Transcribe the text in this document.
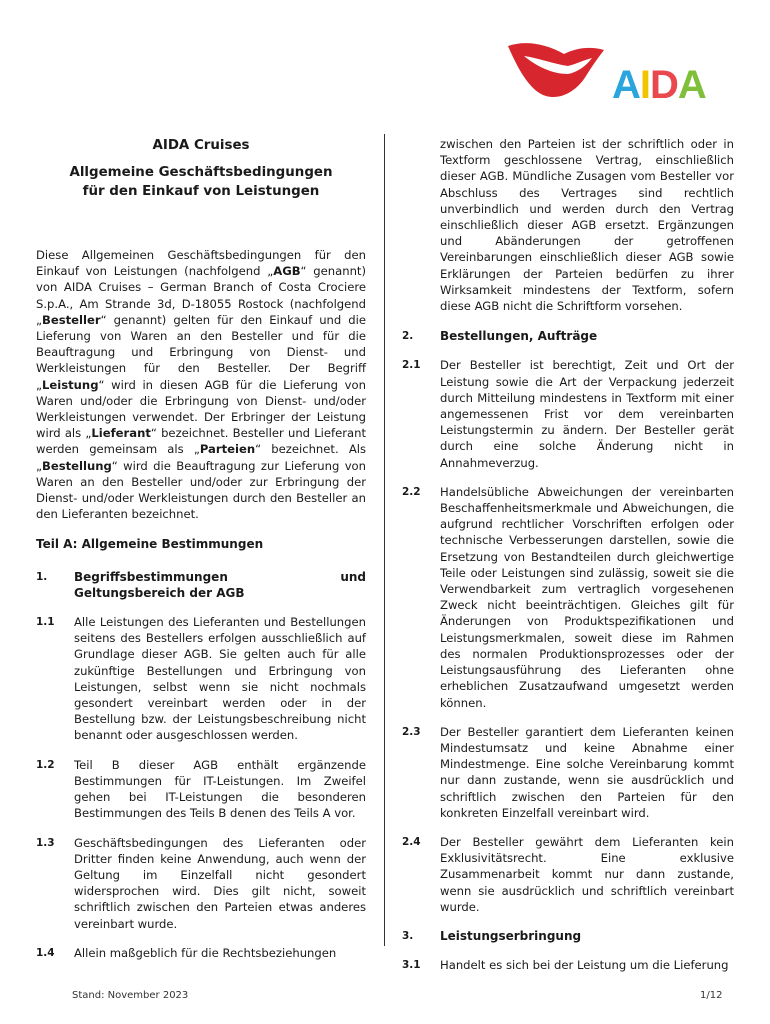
AIDA

AIDA Cruises

Allgemeine Geschäftsbedingungen

für den Einkauf von Leistungen

Diese Allgemeinen Geschäftsbedingungen für den Einkauf von Leistungen (nachfolgend „AGB“ genannt) von AIDA Cruises – German Branch of Costa Crociere S.p.A., Am Strande 3d, D-18055 Rostock (nachfolgend „Besteller“ genannt) gelten für den Einkauf und die Lieferung von Waren an den Besteller und für die Beauftragung und Erbringung von Dienst- und Werkleistungen für den Besteller. Der Begriff „Leistung“ wird in diesen AGB für die Lieferung von Waren und/oder die Erbringung von Dienst- und/oder Werkleistungen verwendet. Der Erbringer der Leistung wird als „Lieferant“ bezeichnet. Besteller und Lieferant werden gemeinsam als „Parteien“ bezeichnet. Als „Bestellung“ wird die Beauftragung zur Lieferung von Waren an den Besteller und/oder zur Erbringung der Dienst- und/oder Werkleistungen durch den Besteller an den Lieferanten bezeichnet.

Teil A: Allgemeine Bestimmungen

1.	Begriffsbestimmungen und Geltungsbereich der AGB
1.1	Alle Leistungen des Lieferanten und Bestellungen seitens des Bestellers erfolgen ausschließlich auf Grundlage dieser AGB. Sie gelten auch für alle zukünftige Bestellungen und Erbringung von Leistungen, selbst wenn sie nicht nochmals gesondert vereinbart werden oder in der Bestellung bzw. der Leistungsbeschreibung nicht benannt oder ausgeschlossen werden.
1.2	Teil B dieser AGB enthält ergänzende Bestimmungen für IT-Leistungen. Im Zweifel gehen bei IT-Leistungen die besonderen Bestimmungen des Teils B denen des Teils A vor.
1.3	Geschäftsbedingungen des Lieferanten oder Dritter finden keine Anwendung, auch wenn der Geltung im Einzelfall nicht gesondert widersprochen wird. Dies gilt nicht, soweit schriftlich zwischen den Parteien etwas anderes vereinbart wurde.
1.4	Allein maßgeblich für die Rechtsbeziehungen
zwischen den Parteien ist der schriftlich oder in Textform geschlossene Vertrag, einschließlich dieser AGB. Mündliche Zusagen vom Besteller vor Abschluss des Vertrages sind rechtlich unverbindlich und werden durch den Vertrag einschließlich dieser AGB ersetzt. Ergänzungen und Abänderungen der getroffenen Vereinbarungen einschließlich dieser AGB sowie Erklärungen der Parteien bedürfen zu ihrer Wirksamkeit mindestens der Textform, sofern diese AGB nicht die Schriftform vorsehen.
2.	Bestellungen, Aufträge
2.1	Der Besteller ist berechtigt, Zeit und Ort der Leistung sowie die Art der Verpackung jederzeit durch Mitteilung mindestens in Textform mit einer angemessenen Frist vor dem vereinbarten Leistungstermin zu ändern. Der Besteller gerät durch eine solche Änderung nicht in Annahmeverzug.
2.2	Handelsübliche Abweichungen der vereinbarten Beschaffenheitsmerkmale und Abweichungen, die aufgrund rechtlicher Vorschriften erfolgen oder technische Verbesserungen darstellen, sowie die Ersetzung von Bestandteilen durch gleichwertige Teile oder Leistungen sind zulässig, soweit sie die Verwendbarkeit zum vertraglich vorgesehenen Zweck nicht beeinträchtigen. Gleiches gilt für Änderungen von Produktspezifikationen und Leistungsmerkmalen, soweit diese im Rahmen des normalen Produktionsprozesses oder der Leistungsausführung des Lieferanten ohne erheblichen Zusatzaufwand umgesetzt werden können.
2.3	Der Besteller garantiert dem Lieferanten keinen Mindestumsatz und keine Abnahme einer Mindestmenge. Eine solche Vereinbarung kommt nur dann zustande, wenn sie ausdrücklich und schriftlich zwischen den Parteien für den konkreten Einzelfall vereinbart wird.
2.4	Der Besteller gewährt dem Lieferanten kein Exklusivitätsrecht. Eine exklusive Zusammenarbeit kommt nur dann zustande, wenn sie ausdrücklich und schriftlich vereinbart wurde.
3.	Leistungserbringung
3.1	Handelt es sich bei der Leistung um die Lieferung
Stand: November 2023	1/12
